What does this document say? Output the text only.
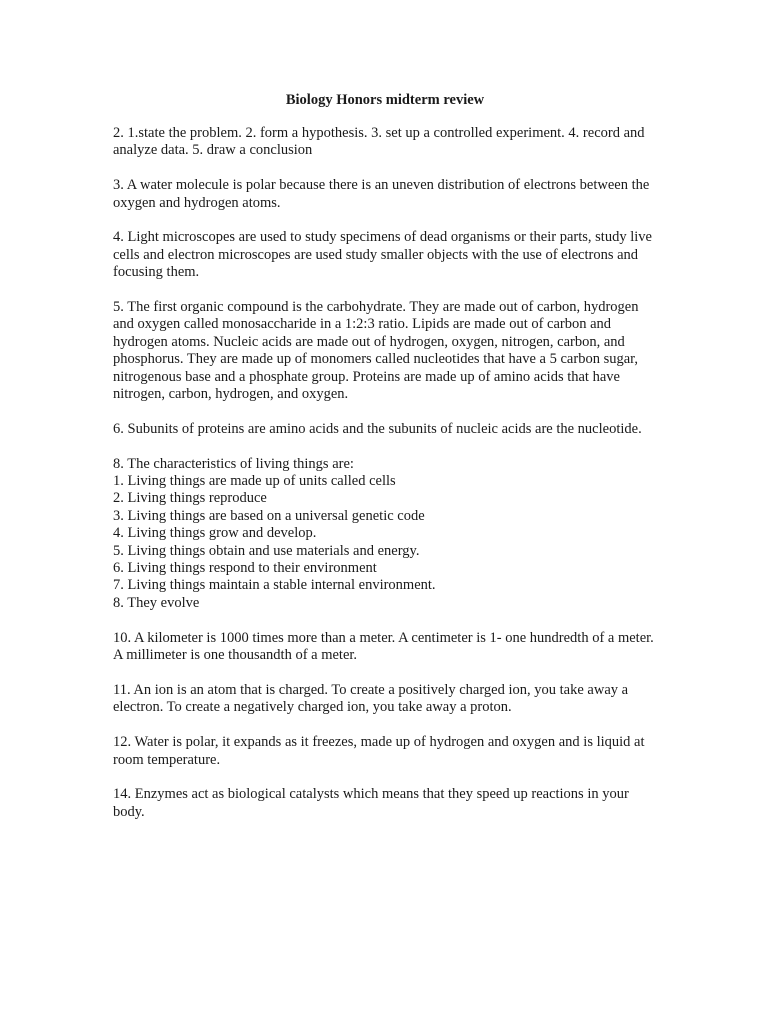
Biology Honors midterm review

2. 1.state the problem. 2. form a hypothesis. 3. set up a controlled experiment. 4. record and analyze data. 5. draw a conclusion

3. A water molecule is polar because there is an uneven distribution of electrons between the oxygen and hydrogen atoms.

4. Light microscopes are used to study specimens of dead organisms or their parts, study live cells and electron microscopes are used study smaller objects with the use of electrons and focusing them.

5. The first organic compound is the carbohydrate. They are made out of carbon, hydrogen and oxygen called monosaccharide in a 1:2:3 ratio. Lipids are made out of carbon and hydrogen atoms. Nucleic acids are made out of hydrogen, oxygen, nitrogen, carbon, and phosphorus. They are made up of monomers called nucleotides that have a 5 carbon sugar, nitrogenous base and a phosphate group. Proteins are made up of amino acids that have nitrogen, carbon, hydrogen, and oxygen.

6. Subunits of proteins are amino acids and the subunits of nucleic acids are the nucleotide.

8. The characteristics of living things are:
1. Living things are made up of units called cells
2. Living things reproduce
3. Living things are based on a universal genetic code
4. Living things grow and develop.
5. Living things obtain and use materials and energy.
6. Living things respond to their environment
7. Living things maintain a stable internal environment.
8. They evolve

10. A kilometer is 1000 times more than a meter. A centimeter is 1- one hundredth of a meter. A millimeter is one thousandth of a meter.

11. An ion is an atom that is charged. To create a positively charged ion, you take away a electron. To create a negatively charged ion, you take away a proton.

12. Water is polar, it expands as it freezes, made up of hydrogen and oxygen and is liquid at room temperature.

14. Enzymes act as biological catalysts which means that they speed up reactions in your body.
